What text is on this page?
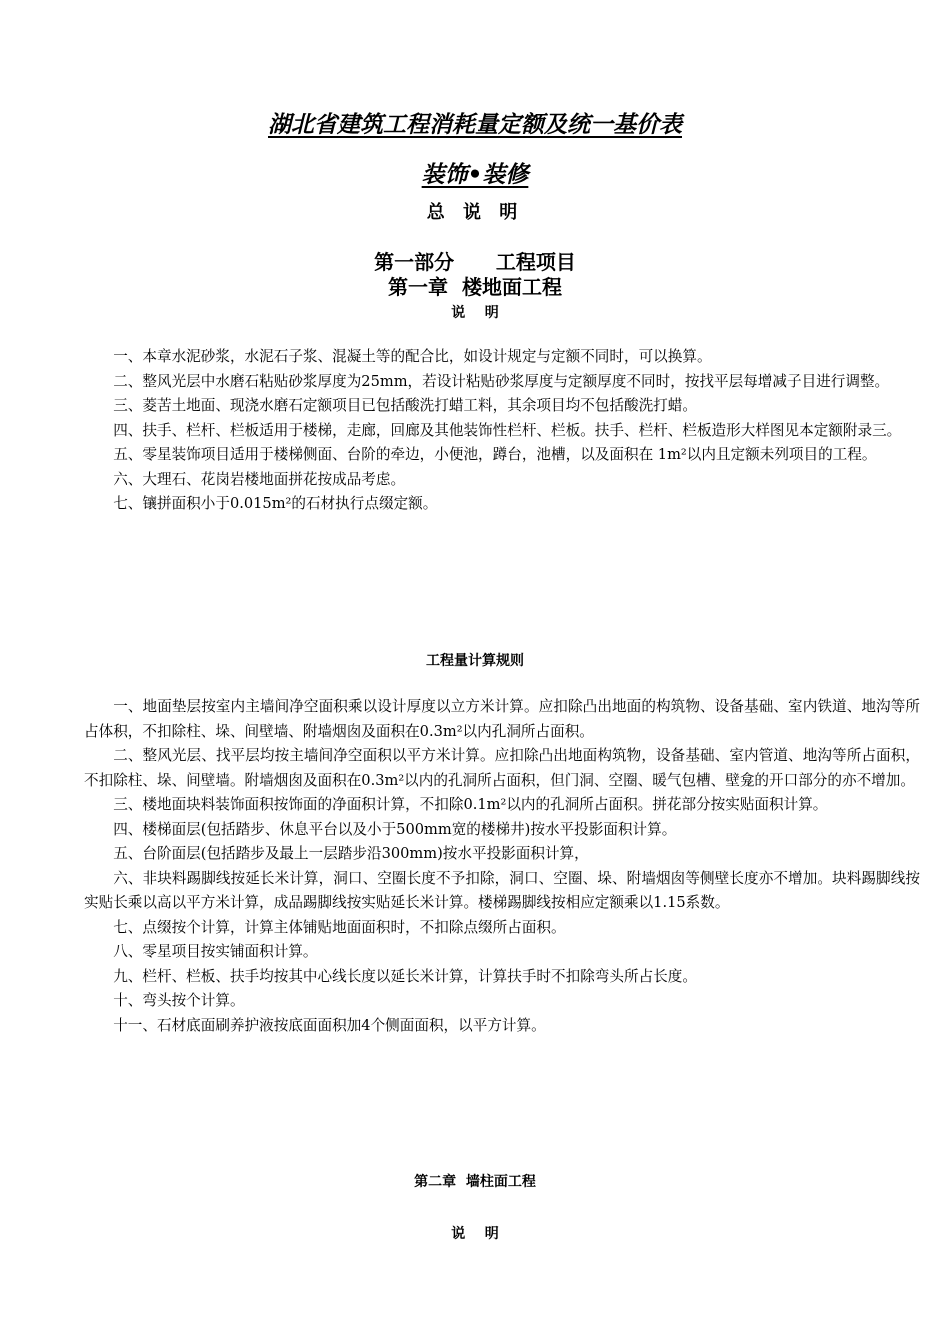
湖北省建筑工程消耗量定额及统一基价表
装饰•装修
总 说 明
第一部分      工程项目
第一章  楼地面工程
说    明

一、本章水泥砂浆，水泥石子浆、混凝土等的配合比，如设计规定与定额不同时，可以换算。

二、整风光层中水磨石粘贴砂浆厚度为25mm，若设计粘贴砂浆厚度与定额厚度不同时，按找平层每增减子目进行调整。

三、菱苦土地面、现浇水磨石定额项目已包括酸洗打蜡工料，其余项目均不包括酸洗打蜡。

四、扶手、栏杆、栏板适用于楼梯，走廊，回廊及其他装饰性栏杆、栏板。扶手、栏杆、栏板造形大样图见本定额附录三。

五、零星装饰项目适用于楼梯侧面、台阶的牵边，小便池，蹲台，池槽，以及面积在 1m²以内且定额未列项目的工程。

六、大理石、花岗岩楼地面拼花按成品考虑。

七、镶拼面积小于0.015m²的石材执行点缀定额。

工程量计算规则

一、地面垫层按室内主墙间净空面积乘以设计厚度以立方米计算。应扣除凸出地面的构筑物、设备基础、室内铁道、地沟等所占体积，不扣除柱、垛、间壁墙、附墙烟囱及面积在0.3m²以内孔洞所占面积。

二、整风光层、找平层均按主墙间净空面积以平方米计算。应扣除凸出地面构筑物，设备基础、室内管道、地沟等所占面积，不扣除柱、垛、间壁墙。附墙烟囱及面积在0.3m²以内的孔洞所占面积，但门洞、空圈、暖气包槽、壁龛的开口部分的亦不增加。

三、楼地面块料装饰面积按饰面的净面积计算，不扣除0.1m²以内的孔洞所占面积。拼花部分按实贴面积计算。

四、楼梯面层(包括踏步、休息平台以及小于500mm宽的楼梯井)按水平投影面积计算。

五、台阶面层(包括踏步及最上一层踏步沿300mm)按水平投影面积计算，

六、非块料踢脚线按延长米计算，洞口、空圈长度不予扣除，洞口、空圈、垛、附墙烟囱等侧壁长度亦不增加。块料踢脚线按实贴长乘以高以平方米计算，成品踢脚线按实贴延长米计算。楼梯踢脚线按相应定额乘以1.15系数。

七、点缀按个计算，计算主体铺贴地面面积时，不扣除点缀所占面积。

八、零星项目按实铺面积计算。

九、栏杆、栏板、扶手均按其中心线长度以延长米计算，计算扶手时不扣除弯头所占长度。

十、弯头按个计算。

十一、石材底面刷养护液按底面面积加4个侧面面积，以平方计算。

第二章  墙柱面工程
说    明
